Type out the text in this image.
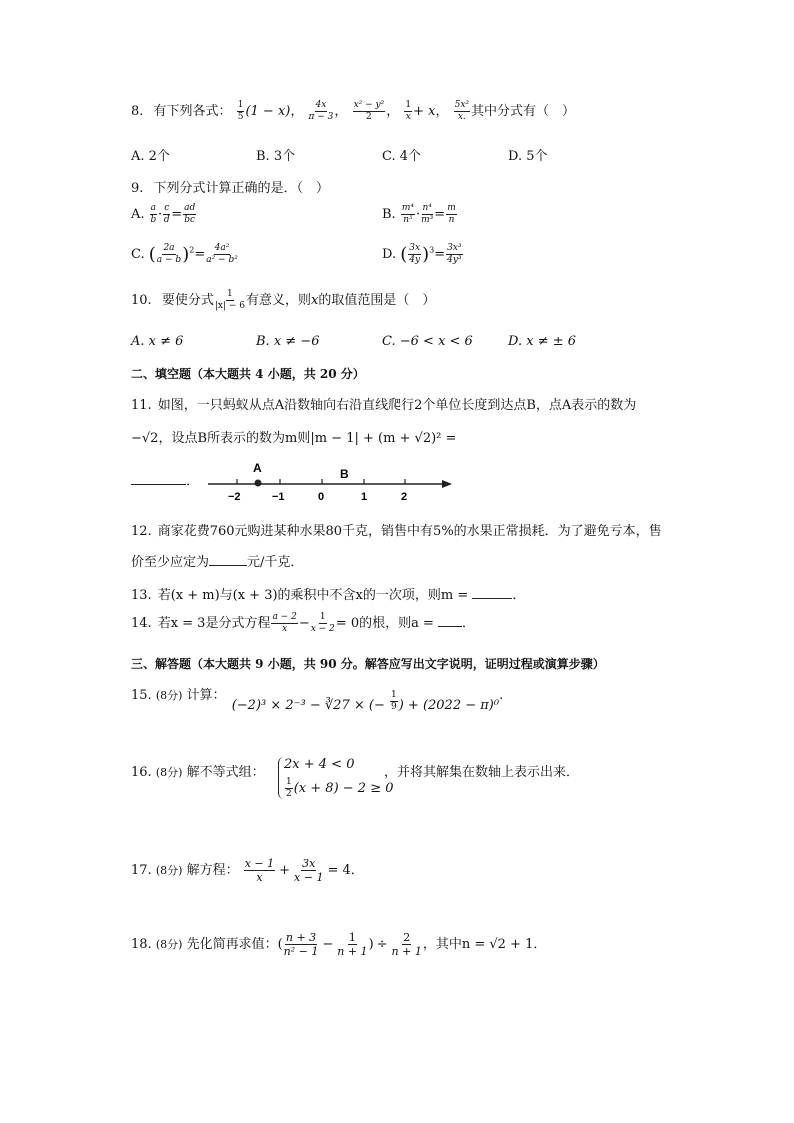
8. 有下列各式： $\frac{1}{5} (1 - x)$， $\frac{4x}{\pi - 3}$ ， $\frac{\text{x² − y²}}{2}$ ， $\frac{1}{x} + x$， $\frac{\text{5x²}}{x.}$ 其中分式有（　）
A. 2个	B. 3个	C. 4个	D. 5个
9. 下列分式计算正确的是．（　）
A. $\frac{a}{b} \cdot \frac{c}{d} = \frac{ad}{bc}$	B. $\frac{\text{m⁴}}{\text{n⁵}} \cdot \frac{\text{n⁴}}{\text{m³}} = \frac{m}{n}$
C. ( $\frac{2a}{a - b} )^2= \frac{\text{4a²}}{\text{a² − b²}}$	D. ( $\frac{3x}{4y} )^3= \frac{\text{3x³}}{\text{4y³}}$
10. 要使分式 $\frac{1}{|x| - 6}$ 有意义，则x的取值范围是（　）
A. x ≠ 6	B. x ≠ −6	C. −6 < x < 6	D. x ≠ ± 6
二、填空题（本大题共 4 小题，共 20 分）
11. 如图，一只蚂蚁从点A沿数轴向右沿直线爬行2个单位长度到达点B，点A表示的数为
−√2，设点B所表示的数为m则|m − 1| + (m + √2)² =
．
A	B
−2	−1	0	1	2
12. 商家花费760元购进某种水果80千克，销售中有5%的水果正常损耗．为了避免亏本，售
价至少应定为	元/千克．
13. 若(x + m)与(x + 3)的乘积中不含x的一次项，则m =	．
14. 若x = 3是分式方程 $\frac{a - 2}{x} - \frac{1}{x - 2} = 0$的根，则a = ．
三、解答题（本大题共 9 小题，共 90 分。解答应写出文字说明，证明过程或演算步骤）
15. (8分) 计算： (−2)³ × 2⁻³ − ∛27 × (− $\frac{1}{9}$ ) + (2022 − π)⁰.
16. (8分) 解不等式组：
2x + 4 < 0
$\frac{1}{2} (x + 8) - 2 \ge 0$
，并将其解集在数轴上表示出来．
17. (8分) 解方程： $\frac{x - 1}{x} + \frac{3x}{x - 1} = 4$．
18. (8分) 先化简再求值：( $\frac{n + 3}{\text{n² − 1}} - \frac{1}{n + 1}$ ) ÷ $\frac{2}{n + 1}$ ，其中n = √2 + 1．
